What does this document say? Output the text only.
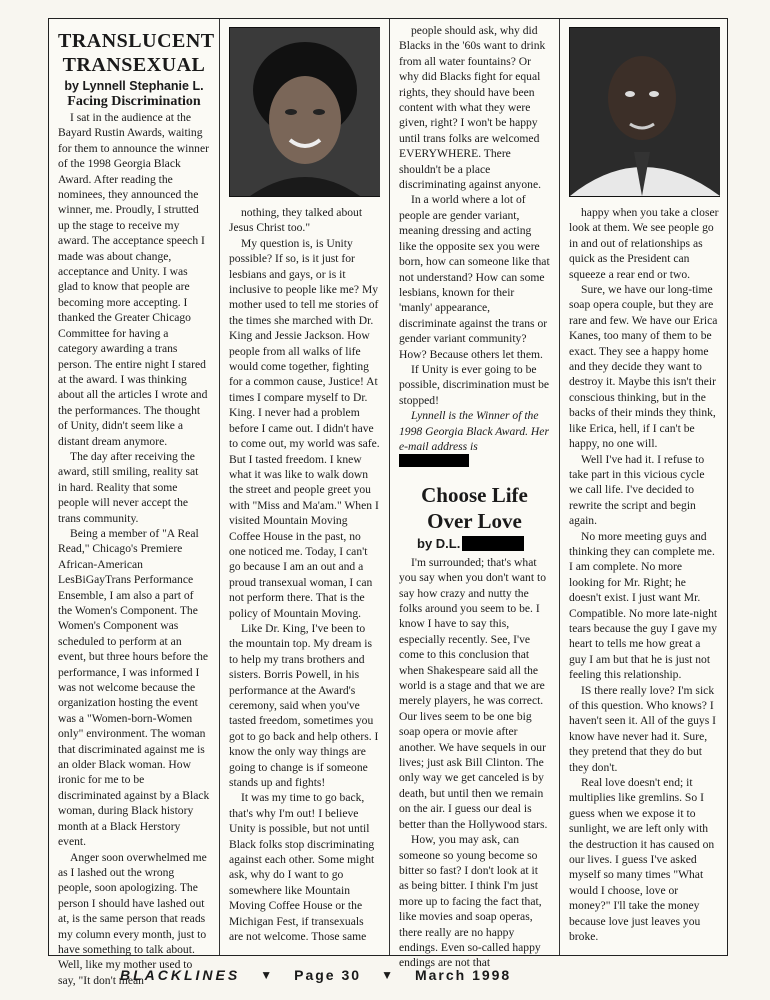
TRANSLUCENT
TRANSEXUAL
by Lynnell Stephanie L.
Facing Discrimination

I sat in the audience at the Bayard Rustin Awards, waiting for them to announce the winner of the 1998 Georgia Black Award. After reading the nominees, they announced the winner, me. Proudly, I strutted up the stage to receive my award. The acceptance speech I made was about change, acceptance and Unity. I was glad to know that people are becoming more accepting. I thanked the Greater Chicago Committee for having a category awarding a trans person. The entire night I stared at the award. I was thinking about all the articles I wrote and the performances. The thought of Unity, didn't seem like a distant dream anymore.

The day after receiving the award, still smiling, reality sat in hard. Reality that some people will never accept the trans community.

Being a member of "A Real Read," Chicago's Premiere African-American LesBiGayTrans Performance Ensemble, I am also a part of the Women's Component. The Women's Component was scheduled to perform at an event, but three hours before the performance, I was informed I was not welcome because the organization hosting the event was a "Women-born-Women only" environment. The woman that discriminated against me is an older Black woman. How ironic for me to be discriminated against by a Black woman, during Black history month at a Black Herstory event.

Anger soon overwhelmed me as I lashed out the wrong people, soon apologizing. The person I should have lashed out at, is the same person that reads my column every month, just to have something to talk about. Well, like my mother used to say, "It don't mean

nothing, they talked about Jesus Christ too."

My question is, is Unity possible? If so, is it just for lesbians and gays, or is it inclusive to people like me? My mother used to tell me stories of the times she marched with Dr. King and Jessie Jackson. How people from all walks of life would come together, fighting for a common cause, Justice! At times I compare myself to Dr. King. I never had a problem before I came out. I didn't have to come out, my world was safe. But I tasted freedom. I knew what it was like to walk down the street and people greet you with "Miss and Ma'am." When I visited Mountain Moving Coffee House in the past, no one noticed me. Today, I can't go because I am an out and a proud transexual woman, I can not perform there. That is the policy of Mountain Moving.

Like Dr. King, I've been to the mountain top. My dream is to help my trans brothers and sisters. Borris Powell, in his performance at the Award's ceremony, said when you've tasted freedom, sometimes you got to go back and help others. I know the only way things are going to change is if someone stands up and fights!

It was my time to go back, that's why I'm out! I believe Unity is possible, but not until Black folks stop discriminating against each other. Some might ask, why do I want to go somewhere like Mountain Moving Coffee House or the Michigan Fest, if transexuals are not welcome. Those same

people should ask, why did Blacks in the '60s want to drink from all water fountains? Or why did Blacks fight for equal rights, they should have been content with what they were given, right? I won't be happy until trans folks are welcomed EVERYWHERE. There shouldn't be a place discriminating against anyone.

In a world where a lot of people are gender variant, meaning dressing and acting like the opposite sex you were born, how can someone like that not understand? How can some lesbians, known for their 'manly' appearance, discriminate against the trans or gender variant community? How? Because others let them.

If Unity is ever going to be possible, discrimination must be stopped!

Lynnell is the Winner of the 1998 Georgia Black Award. Her e-mail address is

Choose Life
Over Love
by D.L.

I'm surrounded; that's what you say when you don't want to say how crazy and nutty the folks around you seem to be. I know I have to say this, especially recently. See, I've come to this conclusion that when Shakespeare said all the world is a stage and that we are merely players, he was correct. Our lives seem to be one big soap opera or movie after another. We have sequels in our lives; just ask Bill Clinton. The only way we get canceled is by death, but until then we remain on the air. I guess our deal is better than the Hollywood stars.

How, you may ask, can someone so young become so bitter so fast? I don't look at it as being bitter. I think I'm just more up to facing the fact that, like movies and soap operas, there really are no happy endings. Even so-called happy endings are not that

happy when you take a closer look at them. We see people go in and out of relationships as quick as the President can squeeze a rear end or two.

Sure, we have our long-time soap opera couple, but they are rare and few. We have our Erica Kanes, too many of them to be exact. They see a happy home and they decide they want to destroy it. Maybe this isn't their conscious thinking, but in the backs of their minds they think, like Erica, hell, if I can't be happy, no one will.

Well I've had it. I refuse to take part in this vicious cycle we call life. I've decided to rewrite the script and begin again.

No more meeting guys and thinking they can complete me. I am complete. No more looking for Mr. Right; he doesn't exist. I just want Mr. Compatible. No more late-night tears because the guy I gave my heart to tells me how great a guy I am but that he is just not feeling this relationship.

IS there really love? I'm sick of this question. Who knows? I haven't seen it. All of the guys I know have never had it. Sure, they pretend that they do but they don't.

Real love doesn't end; it multiplies like gremlins. So I guess when we expose it to sunlight, we are left only with the destruction it has caused on our lives. I guess I've asked myself so many times "What would I choose, love or money?" I'll take the money because love just leaves you broke.

BLACKLINES ▼ Page 30 ▼ March 1998
